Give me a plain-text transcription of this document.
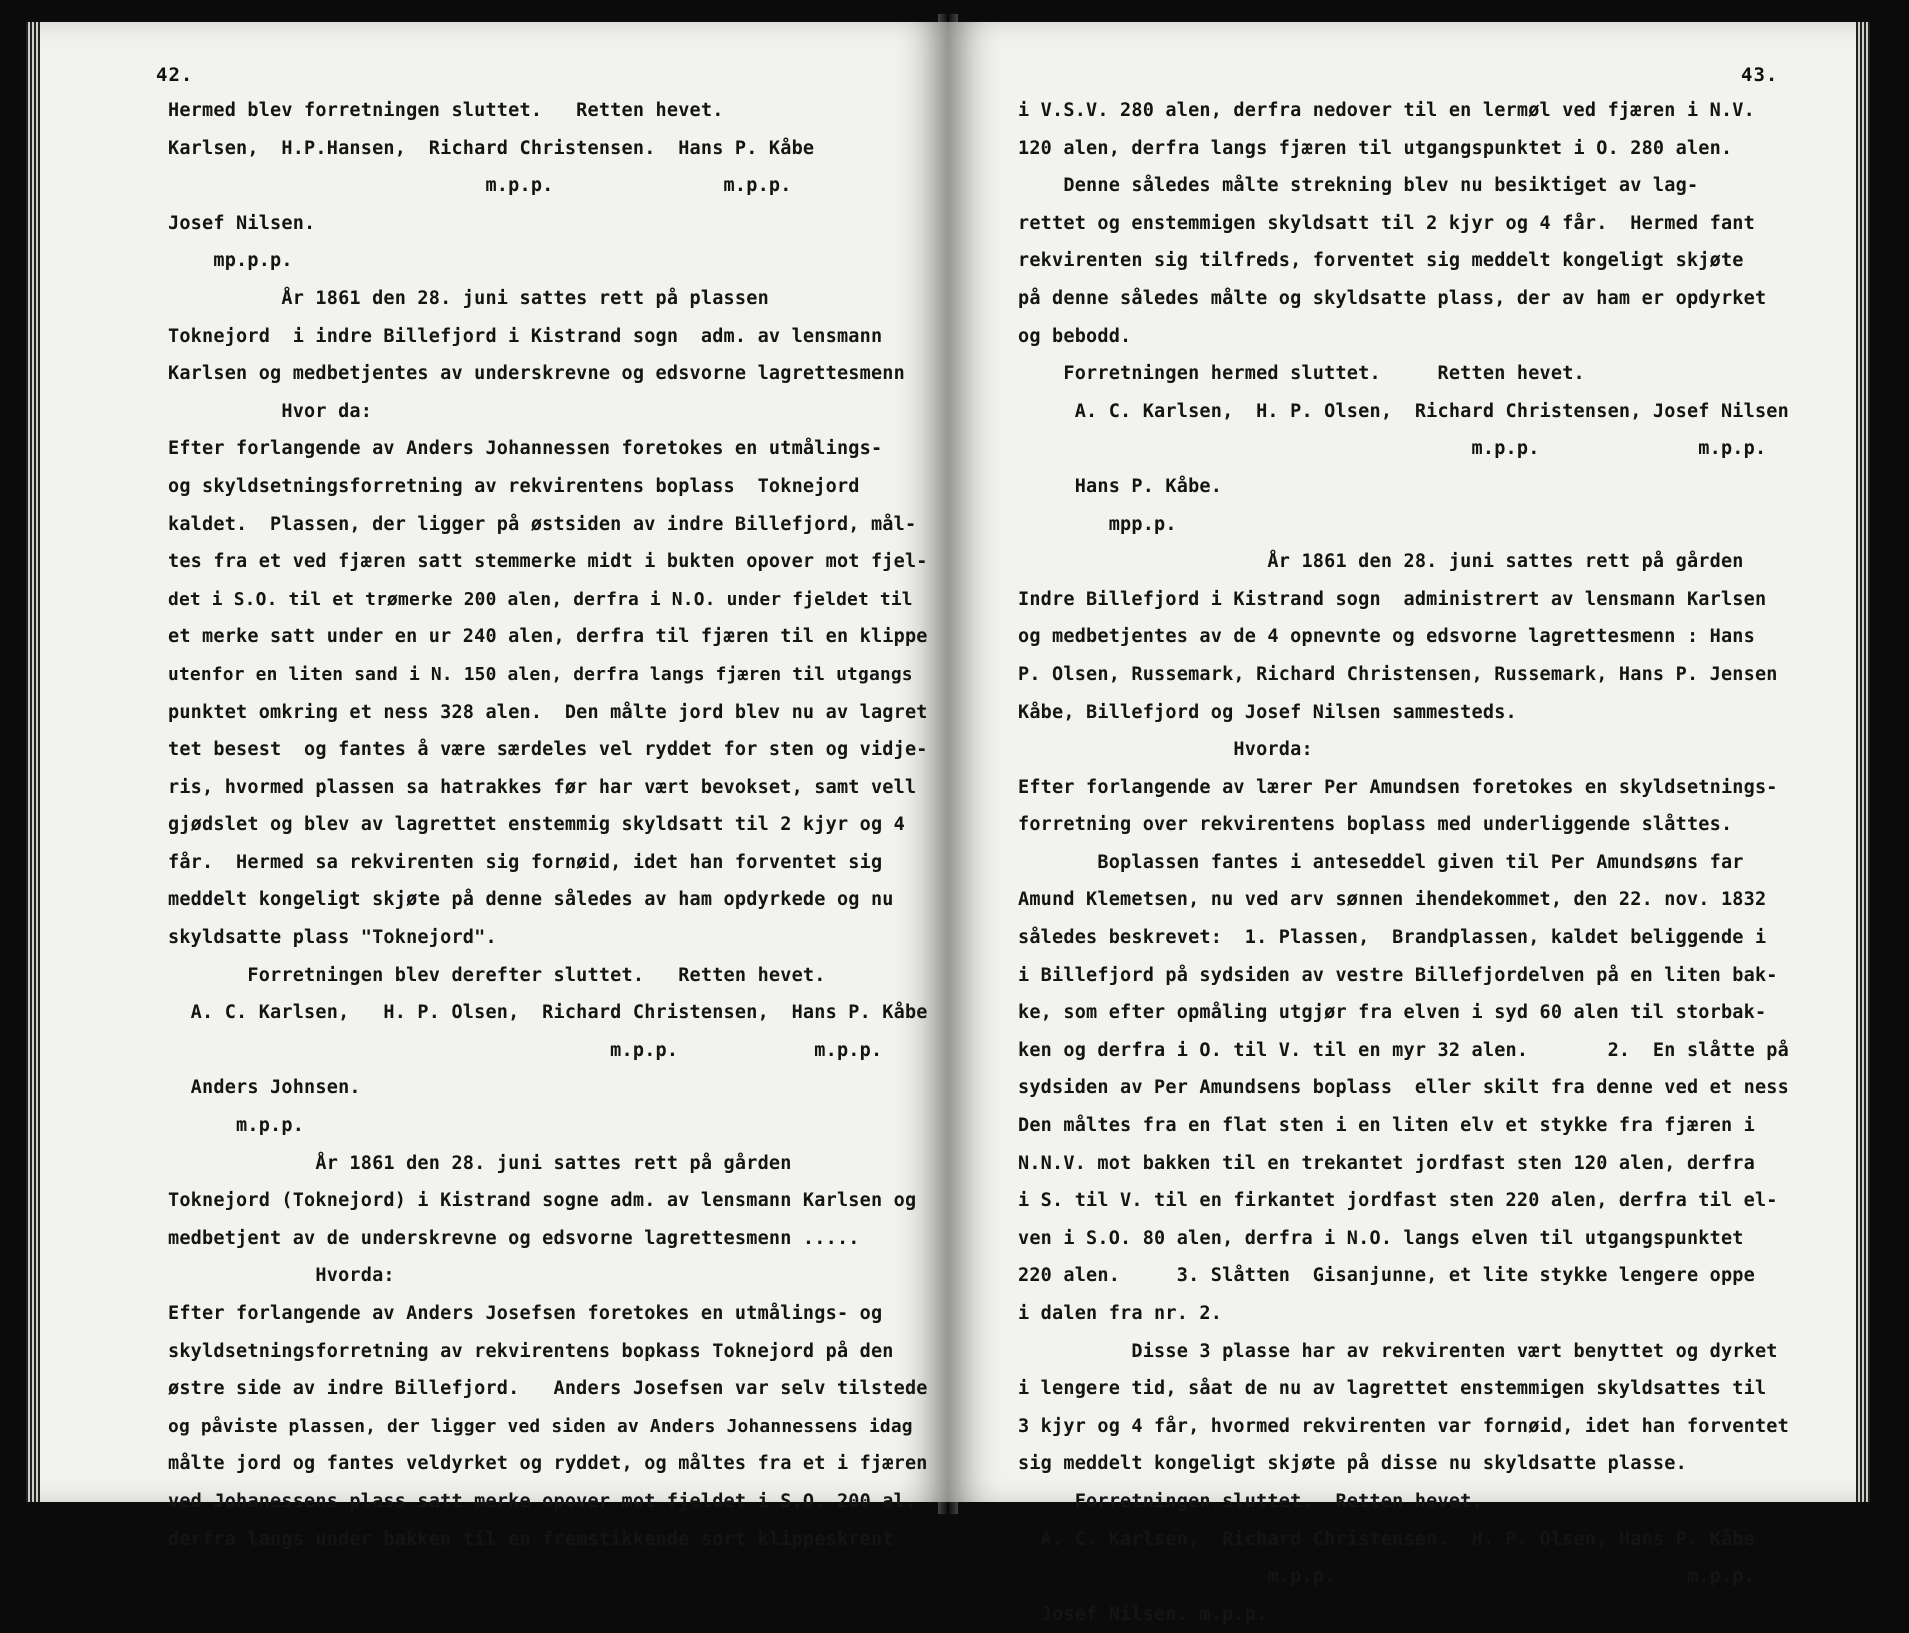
42.
Hermed blev forretningen sluttet.   Retten hevet.
Karlsen,  H.P.Hansen,  Richard Christensen.  Hans P. Kåbe
m.p.p.               m.p.p.
Josef Nilsen.
mp.p.p.
År 1861 den 28. juni sattes rett på plassen
Toknejord  i indre Billefjord i Kistrand sogn  adm. av lensmann
Karlsen og medbetjentes av underskrevne og edsvorne lagrettesmenn
Hvor da:
Efter forlangende av Anders Johannessen foretokes en utmålings-
og skyldsetningsforretning av rekvirentens boplass  Toknejord
kaldet.  Plassen, der ligger på østsiden av indre Billefjord, mål-
tes fra et ved fjæren satt stemmerke midt i bukten opover mot fjel-
det i S.O. til et trømerke 200 alen, derfra i N.O. under fjeldet til
et merke satt under en ur 240 alen, derfra til fjæren til en klippe
utenfor en liten sand i N. 150 alen, derfra langs fjæren til utgangs
punktet omkring et ness 328 alen.  Den målte jord blev nu av lagret
tet besest  og fantes å være særdeles vel ryddet for sten og vidje-
ris, hvormed plassen sa hatrakkes før har vært bevokset, samt vell
gjødslet og blev av lagrettet enstemmig skyldsatt til 2 kjyr og 4
får.  Hermed sa rekvirenten sig fornøid, idet han forventet sig
meddelt kongeligt skjøte på denne således av ham opdyrkede og nu
skyldsatte plass "Toknejord".
Forretningen blev derefter sluttet.   Retten hevet.
A. C. Karlsen,   H. P. Olsen,  Richard Christensen,  Hans P. Kåbe
m.p.p.            m.p.p.
Anders Johnsen.
m.p.p.
År 1861 den 28. juni sattes rett på gården
Toknejord (Toknejord) i Kistrand sogne adm. av lensmann Karlsen og
medbetjent av de underskrevne og edsvorne lagrettesmenn .....
Hvorda:
Efter forlangende av Anders Josefsen foretokes en utmålings- og
skyldsetningsforretning av rekvirentens bopkass Toknejord på den
østre side av indre Billefjord.   Anders Josefsen var selv tilstede
og påviste plassen, der ligger ved siden av Anders Johannessens idag
målte jord og fantes veldyrket og ryddet, og måltes fra et i fjæren
ved Johanessens plass satt merke opover mot fjeldet i S.O. 200 al.
derfra langs under bakken til en fremstikkende sort klippeskrent
43.
i V.S.V. 280 alen, derfra nedover til en lermøl ved fjæren i N.V.
120 alen, derfra langs fjæren til utgangspunktet i O. 280 alen.
Denne således målte strekning blev nu besiktiget av lag-
rettet og enstemmigen skyldsatt til 2 kjyr og 4 får.  Hermed fant
rekvirenten sig tilfreds, forventet sig meddelt kongeligt skjøte
på denne således målte og skyldsatte plass, der av ham er opdyrket
og bebodd.
Forretningen hermed sluttet.     Retten hevet.
A. C. Karlsen,  H. P. Olsen,  Richard Christensen, Josef Nilsen
m.p.p.              m.p.p.
Hans P. Kåbe.
mpp.p.
År 1861 den 28. juni sattes rett på gården
Indre Billefjord i Kistrand sogn  administrert av lensmann Karlsen
og medbetjentes av de 4 opnevnte og edsvorne lagrettesmenn : Hans
P. Olsen, Russemark, Richard Christensen, Russemark, Hans P. Jensen
Kåbe, Billefjord og Josef Nilsen sammesteds.
Hvorda:
Efter forlangende av lærer Per Amundsen foretokes en skyldsetnings-
forretning over rekvirentens boplass med underliggende slåttes.
Boplassen fantes i anteseddel given til Per Amundsøns far
Amund Klemetsen, nu ved arv sønnen ihendekommet, den 22. nov. 1832
således beskrevet:  1. Plassen,  Brandplassen, kaldet beliggende i
i Billefjord på sydsiden av vestre Billefjordelven på en liten bak-
ke, som efter opmåling utgjør fra elven i syd 60 alen til storbak-
ken og derfra i O. til V. til en myr 32 alen.       2.  En slåtte på
sydsiden av Per Amundsens boplass  eller skilt fra denne ved et ness
Den måltes fra en flat sten i en liten elv et stykke fra fjæren i
N.N.V. mot bakken til en trekantet jordfast sten 120 alen, derfra
i S. til V. til en firkantet jordfast sten 220 alen, derfra til el-
ven i S.O. 80 alen, derfra i N.O. langs elven til utgangspunktet
220 alen.     3. Slåtten  Gisanjunne, et lite stykke lengere oppe
i dalen fra nr. 2.
Disse 3 plasse har av rekvirenten vært benyttet og dyrket
i lengere tid, såat de nu av lagrettet enstemmigen skyldsattes til
3 kjyr og 4 får, hvormed rekvirenten var fornøid, idet han forventet
sig meddelt kongeligt skjøte på disse nu skyldsatte plasse.
Forretningen sluttet.  Retten hevet.
A. C. Karlsen,  Richard Christensen.  H. P. Olsen, Hans P. Kåbe
m.p.p.                               m.p.p.
Josef Nilsen. m.p.p.
